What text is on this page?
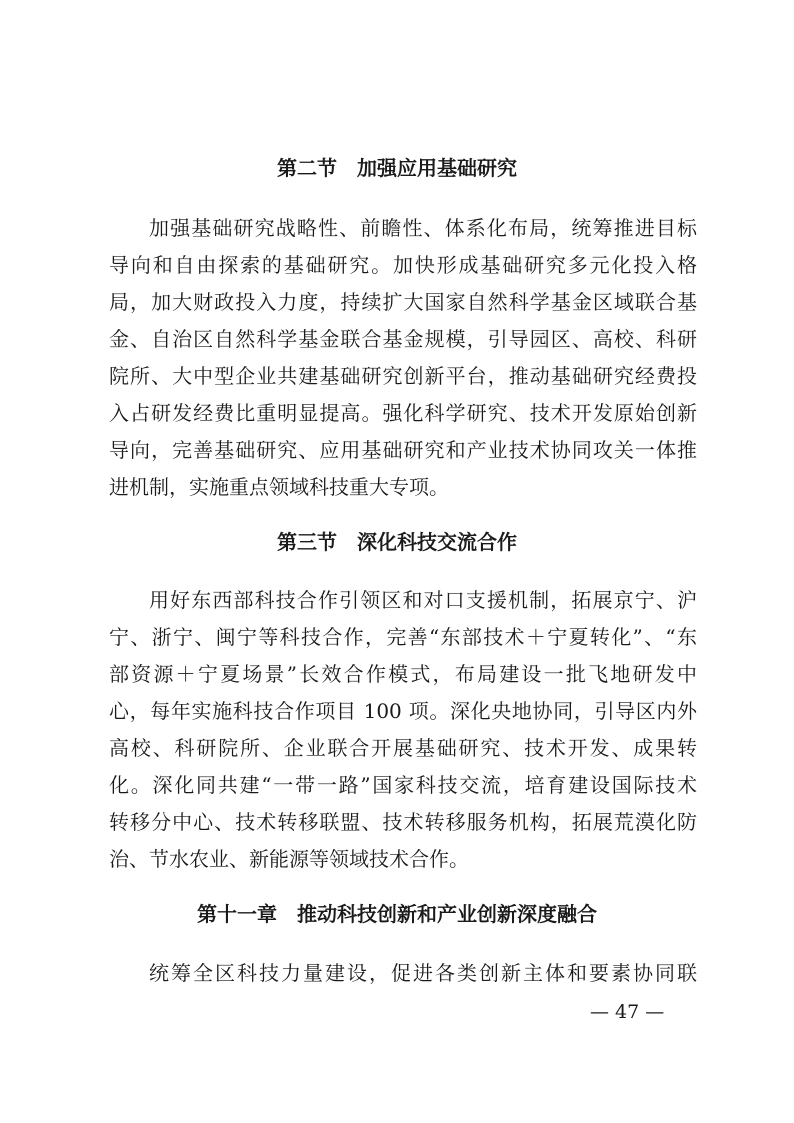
第二节　加强应用基础研究
加强基础研究战略性、前瞻性、体系化布局，统筹推进目标
导向和自由探索的基础研究。加快形成基础研究多元化投入格
局，加大财政投入力度，持续扩大国家自然科学基金区域联合基
金、自治区自然科学基金联合基金规模，引导园区、高校、科研
院所、大中型企业共建基础研究创新平台，推动基础研究经费投
入占研发经费比重明显提高。强化科学研究、技术开发原始创新
导向，完善基础研究、应用基础研究和产业技术协同攻关一体推
进机制，实施重点领域科技重大专项。
第三节　深化科技交流合作
用好东西部科技合作引领区和对口支援机制，拓展京宁、沪
宁、浙宁、闽宁等科技合作，完善“东部技术＋宁夏转化”、“东
部资源＋宁夏场景”长效合作模式，布局建设一批飞地研发中
心，每年实施科技合作项目 100 项。深化央地协同，引导区内外
高校、科研院所、企业联合开展基础研究、技术开发、成果转
化。深化同共建“一带一路”国家科技交流，培育建设国际技术
转移分中心、技术转移联盟、技术转移服务机构，拓展荒漠化防
治、节水农业、新能源等领域技术合作。
第十一章　推动科技创新和产业创新深度融合
统筹全区科技力量建设，促进各类创新主体和要素协同联
— 47 —
